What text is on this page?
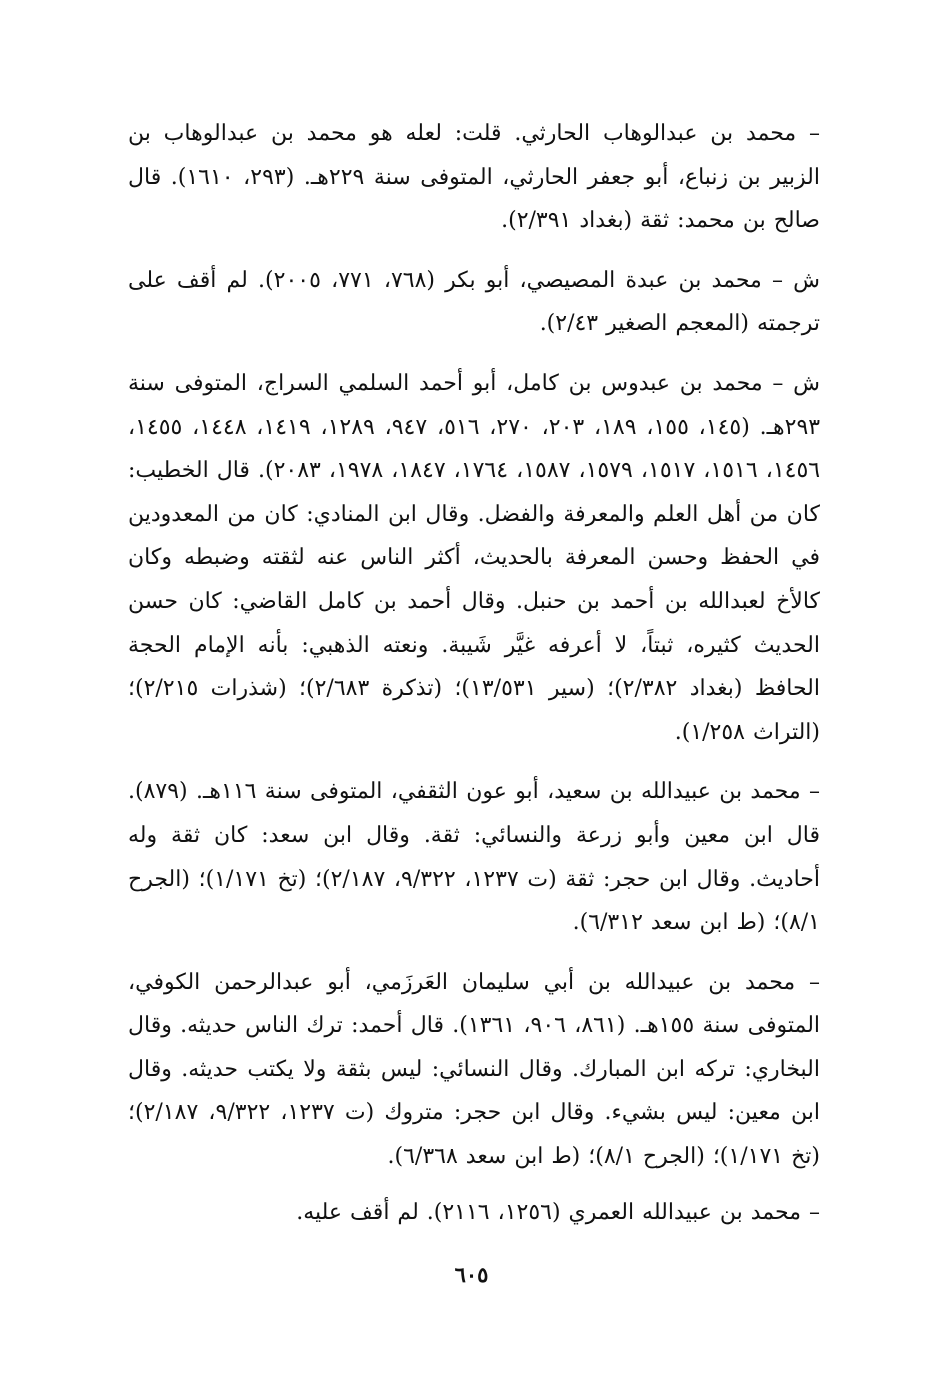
– محمد بن عبدالوهاب الحارثي. قلت: لعله هو محمد بن عبدالوهاب بن الزبير بن زنباع، أبو جعفر الحارثي، المتوفى سنة ٢٢٩هـ. (٢٩٣، ١٦١٠). قال صالح بن محمد: ثقة (بغداد ٢/٣٩١).

ش – محمد بن عبدة المصيصي، أبو بكر (٧٦٨، ٧٧١، ٢٠٠٥). لم أقف على ترجمته (المعجم الصغير ٢/٤٣).

ش – محمد بن عبدوس بن كامل، أبو أحمد السلمي السراج، المتوفى سنة ٢٩٣هـ. (١٤٥، ١٥٥، ١٨٩، ٢٠٣، ٢٧٠، ٥١٦، ٩٤٧، ١٢٨٩، ١٤١٩، ١٤٤٨، ١٤٥٥، ١٤٥٦، ١٥١٦، ١٥١٧، ١٥٧٩، ١٥٨٧، ١٧٦٤، ١٨٤٧، ١٩٧٨، ٢٠٨٣). قال الخطيب: كان من أهل العلم والمعرفة والفضل. وقال ابن المنادي: كان من المعدودين في الحفظ وحسن المعرفة بالحديث، أكثر الناس عنه لثقته وضبطه وكان كالأخ لعبدالله بن أحمد بن حنبل. وقال أحمد بن كامل القاضي: كان حسن الحديث كثيره، ثبتاً، لا أعرفه غيَّر شَيبة. ونعته الذهبي: بأنه الإمام الحجة الحافظ (بغداد ٢/٣٨٢)؛ (سير ١٣/٥٣١)؛ (تذكرة ٢/٦٨٣)؛ (شذرات ٢/٢١٥)؛ (التراث ١/٢٥٨).

– محمد بن عبيدالله بن سعيد، أبو عون الثقفي، المتوفى سنة ١١٦هـ. (٨٧٩). قال ابن معين وأبو زرعة والنسائي: ثقة. وقال ابن سعد: كان ثقة وله أحاديث. وقال ابن حجر: ثقة (ت ١٢٣٧، ٩/٣٢٢، ٢/١٨٧)؛ (تخ ١/١٧١)؛ (الجرح ٨/١)؛ (ط ابن سعد ٦/٣١٢).

– محمد بن عبيدالله بن أبي سليمان العَرزَمي، أبو عبدالرحمن الكوفي، المتوفى سنة ١٥٥هـ. (٨٦١، ٩٠٦، ١٣٦١). قال أحمد: ترك الناس حديثه. وقال البخاري: تركه ابن المبارك. وقال النسائي: ليس بثقة ولا يكتب حديثه. وقال ابن معين: ليس بشيء. وقال ابن حجر: متروك (ت ١٢٣٧، ٩/٣٢٢، ٢/١٨٧)؛ (تخ ١/١٧١)؛ (الجرح ٨/١)؛ (ط ابن سعد ٦/٣٦٨).

– محمد بن عبيدالله العمري (١٢٥٦، ٢١١٦). لم أقف عليه.

٦٠٥
